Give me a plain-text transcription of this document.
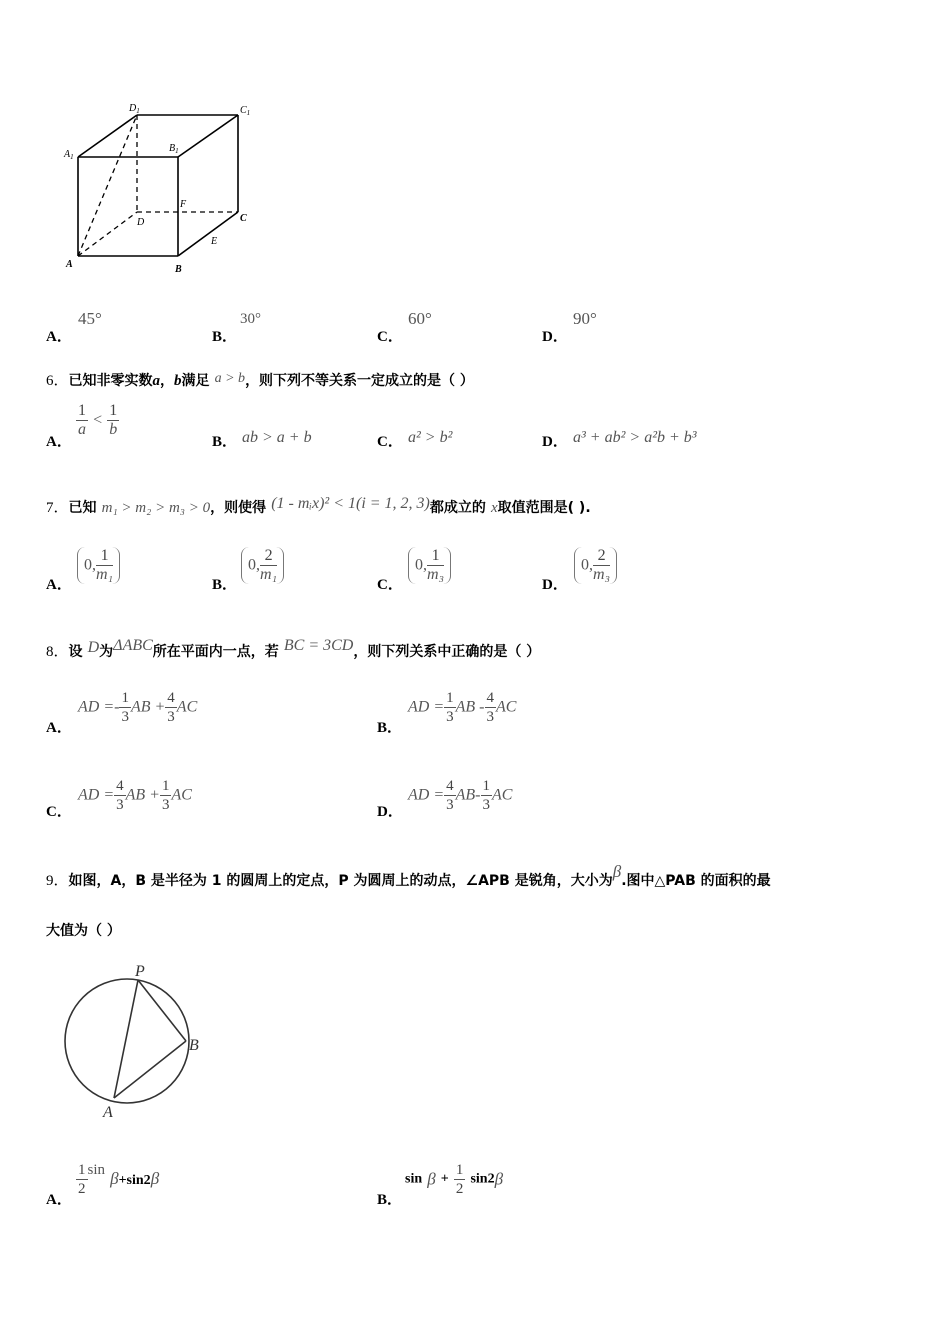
$D_1$	$C_1$
$A_1$
$B_1$
D	C
F
E
A	B
A．
45°
B．
30°
C．
60°
D．
90°
6．已知非零实数a，b满足 a > b，则下列不等关系一定成立的是（ ）
A．
$\frac{1}{a} < \frac{1}{b}$
B． ab > a + b	C． a² > b²	D． a³ + ab² > a²b + b³
7．已知 m₁ > m₂ > m₃ > 0，则使得 (1 - mᵢx)² < 1(i = 1, 2, 3)都成立的 x取值范围是( ).
A．
0, $\frac{1}{\text{m₁}}$
B．
0, $\frac{2}{\text{m₁}}$
C．
0, $\frac{1}{\text{m₃}}$
D．
0, $\frac{2}{\text{m₃}}$
8．设 D为ΔABC所在平面内一点，若 BC = 3CD，则下列关系中正确的是（ ）
A．
AD =- $\frac{1}{3}$ AB + $\frac{4}{3}$ AC
B．
AD = $\frac{1}{3}$ AB - $\frac{4}{3}$ AC
C．
AD = $\frac{4}{3}$ AB + $\frac{1}{3}$ AC
D．
AD = $\frac{4}{3} AB- \frac{1}{3}$ AC
9．如图，A，B 是半径为 1 的圆周上的定点，P 为圆周上的动点，∠APB 是锐角，大小为β.图中△PAB 的面积的最
大值为（ ）
P
B
A
A．
$\frac{1}{2}$ sin β+sin2β
B．
$\sin \beta + \frac{1}{2} \sin 2\beta$
